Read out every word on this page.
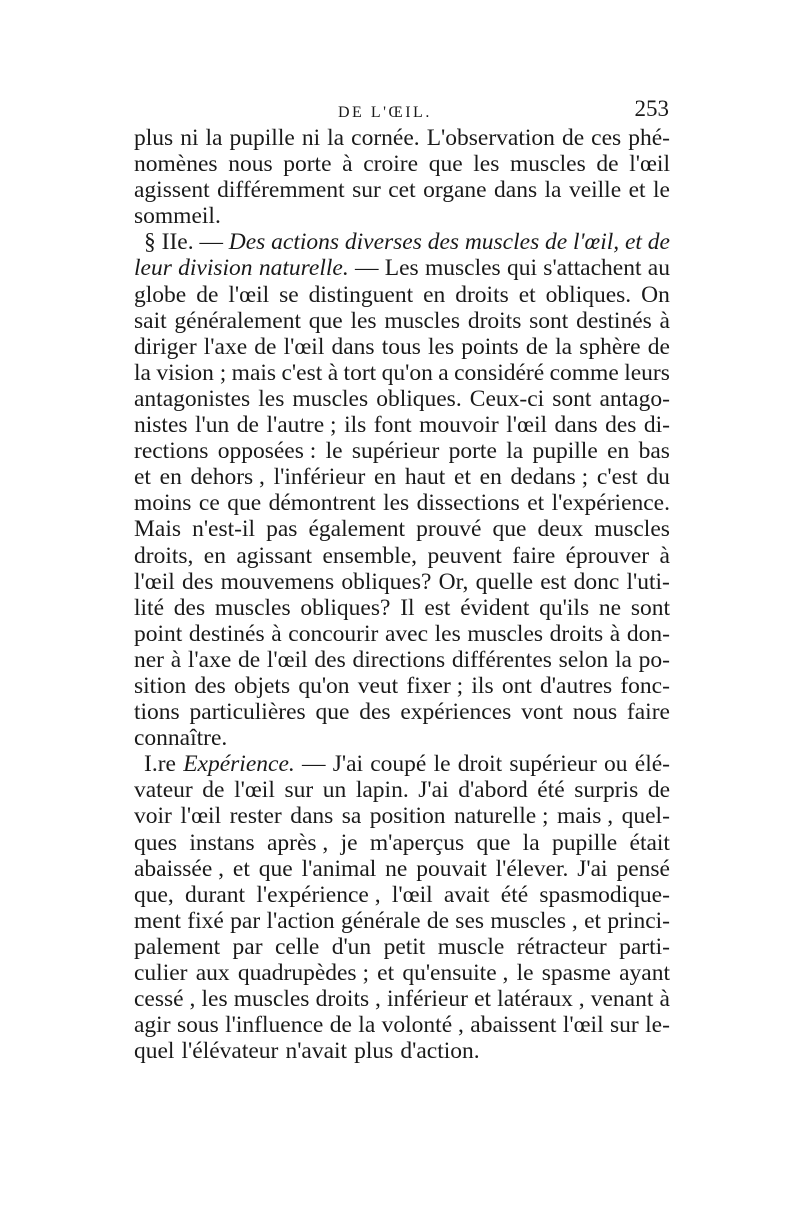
DE L'ŒIL.	253
plus ni la pupille ni la cornée. L'observation de ces phé-
nomènes nous porte à croire que les muscles de l'œil
agissent différemment sur cet organe dans la veille et le
sommeil.
§ IIe. — Des actions diverses des muscles de l'œil, et de
leur division naturelle. — Les muscles qui s'attachent au
globe de l'œil se distinguent en droits et obliques. On
sait généralement que les muscles droits sont destinés à
diriger l'axe de l'œil dans tous les points de la sphère de
la vision ; mais c'est à tort qu'on a considéré comme leurs
antagonistes les muscles obliques. Ceux-ci sont antago-
nistes l'un de l'autre ; ils font mouvoir l'œil dans des di-
rections opposées : le supérieur porte la pupille en bas
et en dehors , l'inférieur en haut et en dedans ; c'est du
moins ce que démontrent les dissections et l'expérience.
Mais n'est-il pas également prouvé que deux muscles
droits, en agissant ensemble, peuvent faire éprouver à
l'œil des mouvemens obliques? Or, quelle est donc l'uti-
lité des muscles obliques? Il est évident qu'ils ne sont
point destinés à concourir avec les muscles droits à don-
ner à l'axe de l'œil des directions différentes selon la po-
sition des objets qu'on veut fixer ; ils ont d'autres fonc-
tions particulières que des expériences vont nous faire
connaître.
I.re Expérience. — J'ai coupé le droit supérieur ou élé-
vateur de l'œil sur un lapin. J'ai d'abord été surpris de
voir l'œil rester dans sa position naturelle ; mais , quel-
ques instans après , je m'aperçus que la pupille était
abaissée , et que l'animal ne pouvait l'élever. J'ai pensé
que, durant l'expérience , l'œil avait été spasmodique-
ment fixé par l'action générale de ses muscles , et princi-
palement par celle d'un petit muscle rétracteur parti-
culier aux quadrupèdes ; et qu'ensuite , le spasme ayant
cessé , les muscles droits , inférieur et latéraux , venant à
agir sous l'influence de la volonté , abaissent l'œil sur le-
quel l'élévateur n'avait plus d'action.
